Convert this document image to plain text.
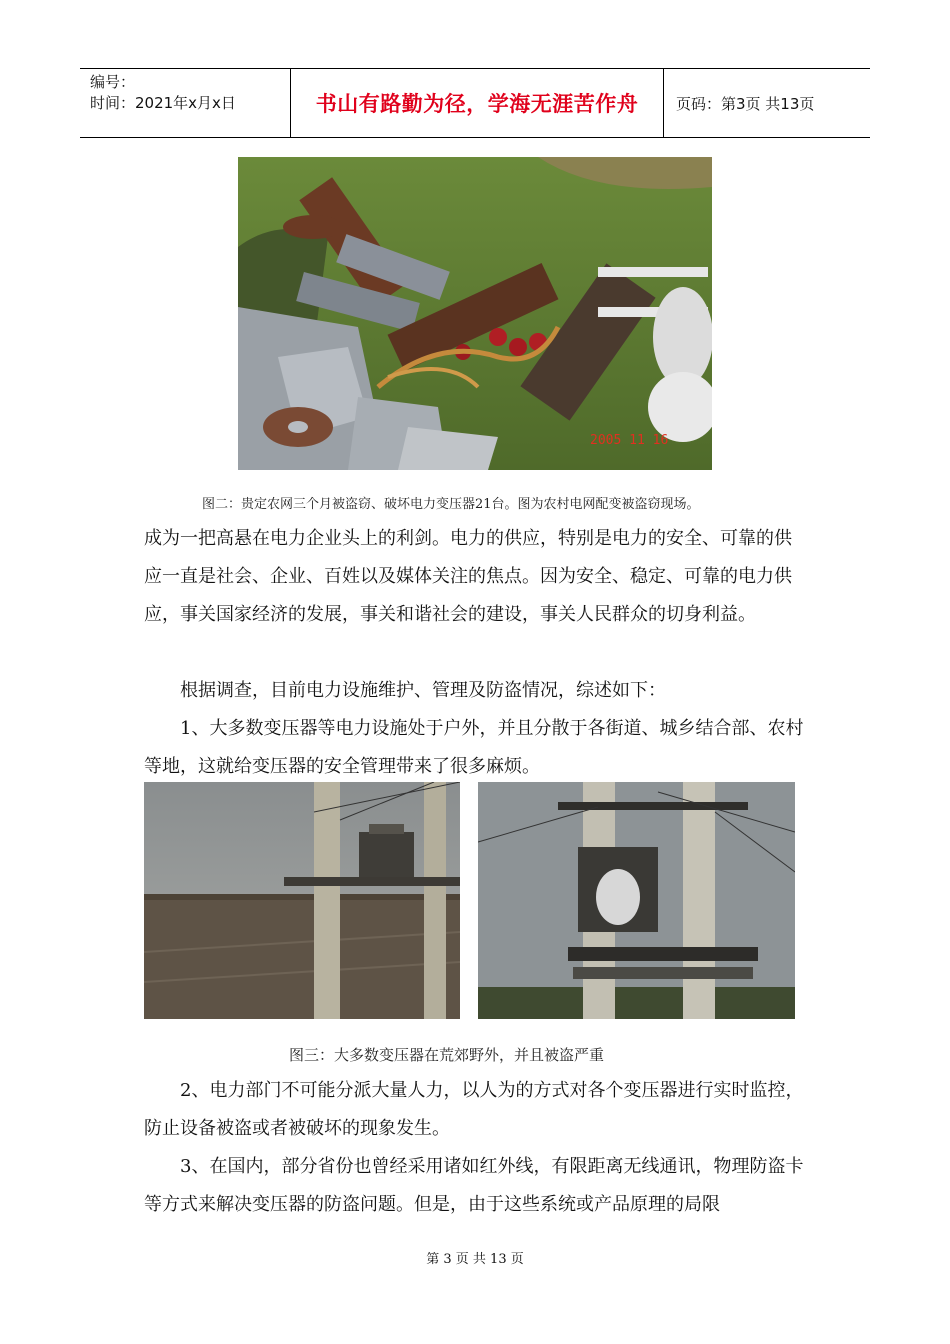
编号：
时间：2021年x月x日	书山有路勤为径，学海无涯苦作舟	页码：第3页 共13页
2005 11 16
图二：贵定农网三个月被盗窃、破坏电力变压器21台。图为农村电网配变被盗窃现场。

成为一把高悬在电力企业头上的利剑。电力的供应，特别是电力的安全、可靠的供应一直是社会、企业、百姓以及媒体关注的焦点。因为安全、稳定、可靠的电力供应，事关国家经济的发展，事关和谐社会的建设，事关人民群众的切身利益。

根据调查，目前电力设施维护、管理及防盗情况，综述如下：

1、大多数变压器等电力设施处于户外，并且分散于各街道、城乡结合部、农村等地，这就给变压器的安全管理带来了很多麻烦。

图三：大多数变压器在荒郊野外，并且被盗严重

2、电力部门不可能分派大量人力，以人为的方式对各个变压器进行实时监控，防止设备被盗或者被破坏的现象发生。

3、在国内，部分省份也曾经采用诸如红外线，有限距离无线通讯，物理防盗卡等方式来解决变压器的防盗问题。但是，由于这些系统或产品原理的局限

第 3 页 共 13 页
